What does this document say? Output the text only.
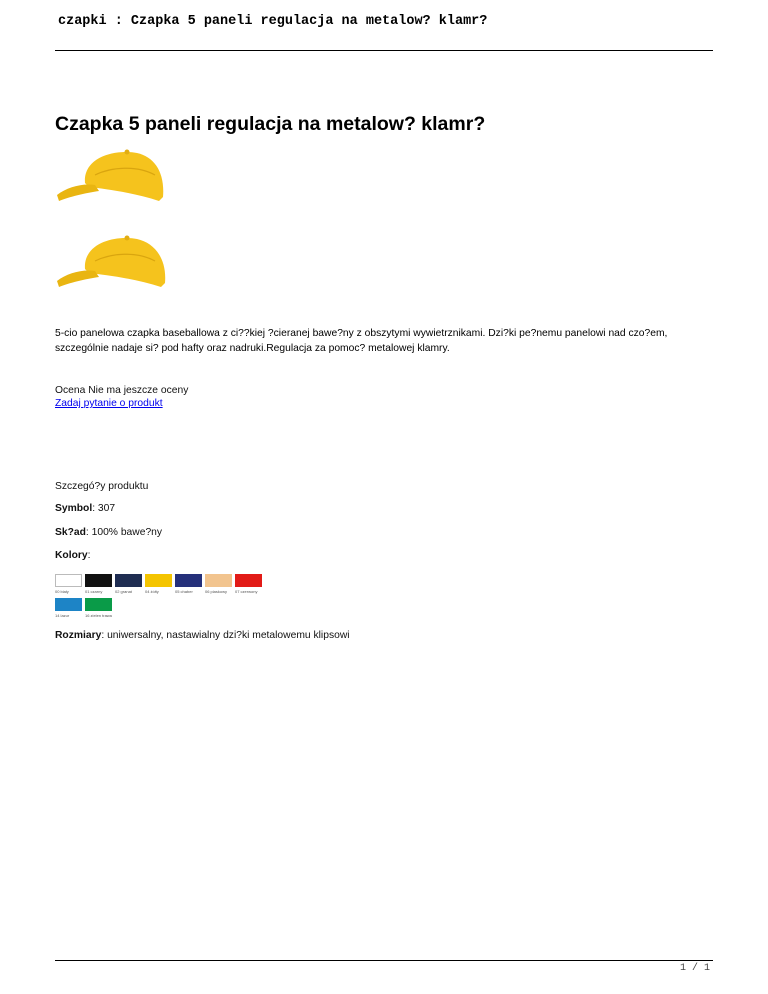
czapki : Czapka 5 paneli regulacja na metalow? klamr?
Czapka 5 paneli regulacja na metalow? klamr?
5-cio panelowa czapka baseballowa z ci??kiej ?cieranej bawe?ny z obszytymi wywietrznikami. Dzi?ki pe?nemu panelowi nad czo?em, szczególnie nadaje si? pod hafty oraz nadruki.Regulacja za pomoc? metalowej klamry.
Ocena Nie ma jeszcze oceny
Zadaj pytanie o produkt
Szczegó?y produktu
Symbol: 307
Sk?ad: 100% bawe?ny
Kolory:
00 biały	01 czarny	02 granat	04 żółty	05 chaber	06 piaskowy	07 czerwony
14 lazur	16 zielen trawa
Rozmiary: uniwersalny, nastawialny dzi?ki metalowemu klipsowi
1 / 1
